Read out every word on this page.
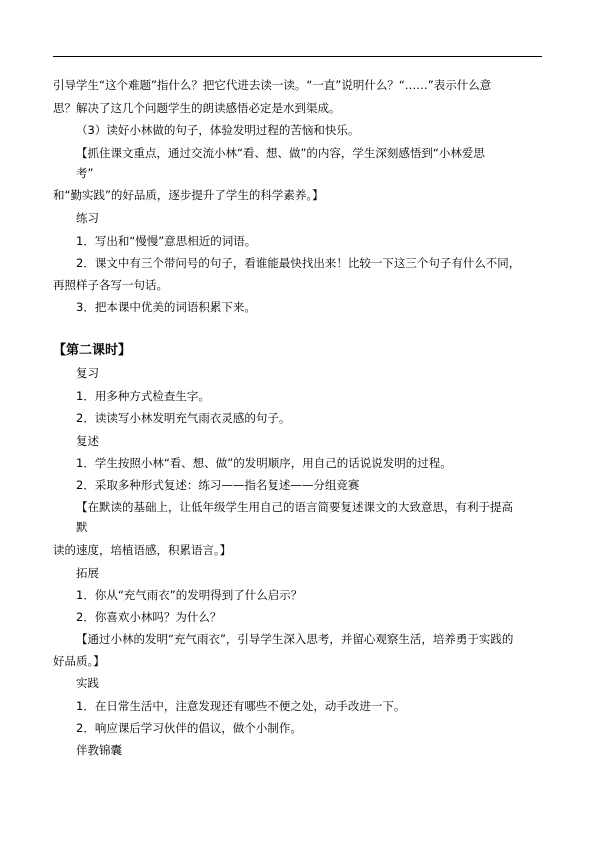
引导学生“这个难题”指什么？把它代进去读一读。“一直”说明什么？“……”表示什么意
思？解决了这几个问题学生的朗读感悟必定是水到渠成。
（3）读好小林做的句子，体验发明过程的苦恼和快乐。
【抓住课文重点，通过交流小林“看、想、做”的内容，学生深刻感悟到“小林爱思
考”
和“勤实践”的好品质，逐步提升了学生的科学素养。】
练习
1．写出和“慢慢”意思相近的词语。
2．课文中有三个带问号的句子，看谁能最快找出来！比较一下这三个句子有什么不同，
再照样子各写一句话。
3．把本课中优美的词语积累下来。
【第二课时】
复习
1．用多种方式检查生字。
2．读读写小林发明充气雨衣灵感的句子。
复述
1．学生按照小林“看、想、做”的发明顺序，用自己的话说说发明的过程。
2．采取多种形式复述：练习——指名复述——分组竞赛
【在默读的基础上，让低年级学生用自己的语言简要复述课文的大致意思，有利于提高
默
读的速度，培植语感，积累语言。】
拓展
1．你从“充气雨衣”的发明得到了什么启示？
2．你喜欢小林吗？为什么？
【通过小林的发明“充气雨衣”，引导学生深入思考，并留心观察生活，培养勇于实践的
好品质。】
实践
1．在日常生活中，注意发现还有哪些不便之处，动手改进一下。
2．响应课后学习伙伴的倡议，做个小制作。
伴教锦囊
